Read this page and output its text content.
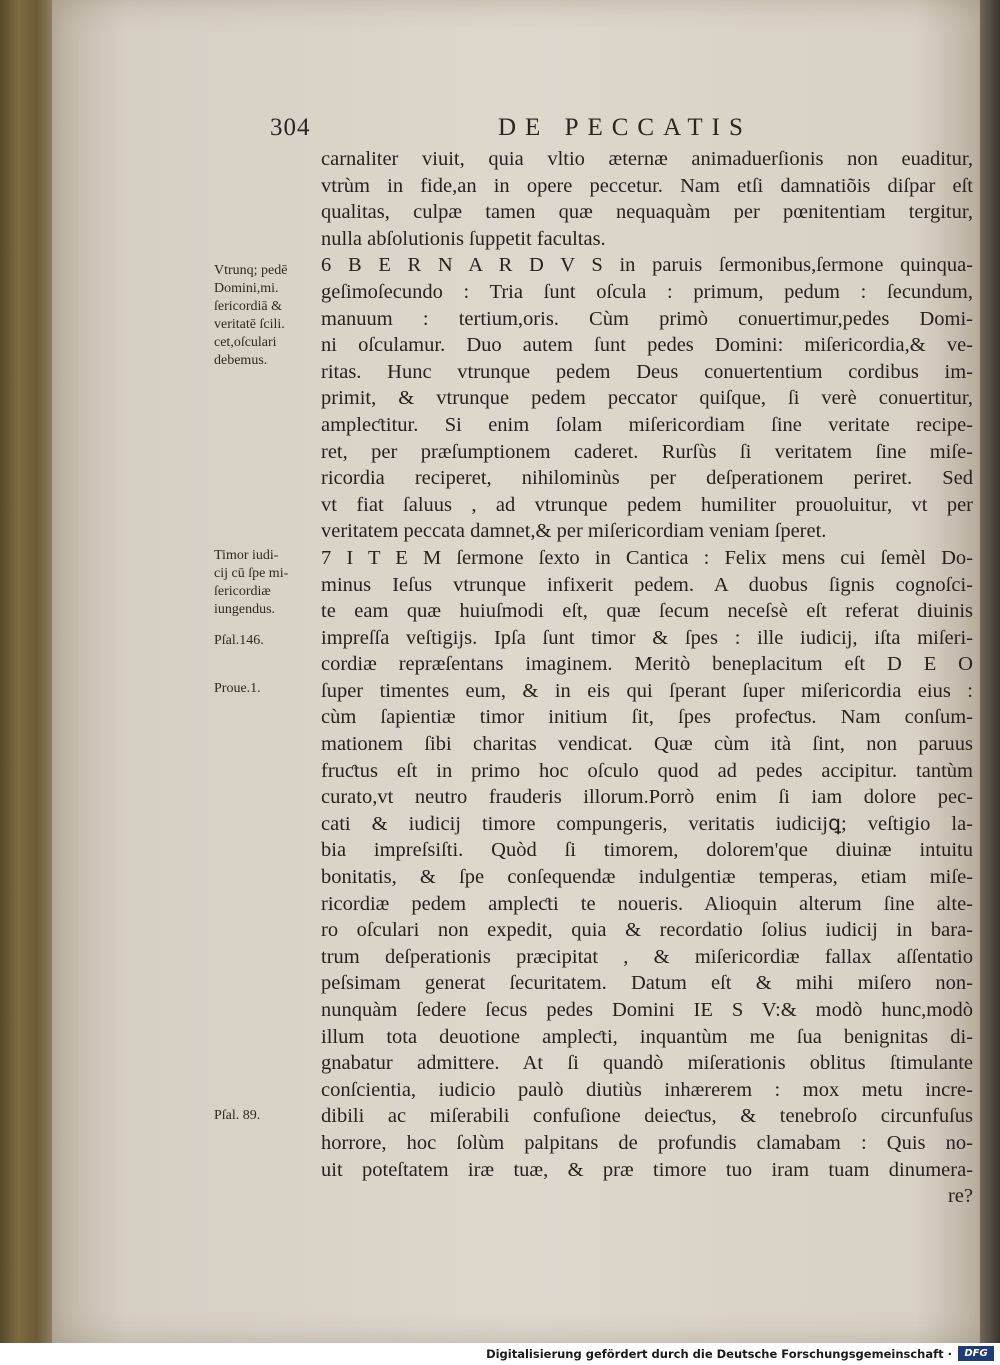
304	DE PECCATIS
carnaliter viuit, quia vltio æternæ animaduerſionis non euaditur,
vtrùm in fide,an in opere peccetur. Nam etſi damnatiõis diſpar eſt
qualitas, culpæ tamen quæ nequaquàm per pœnitentiam tergitur,
nulla abſolutionis ſuppetit facultas.
6 B E R N A R D V S in paruis ſermonibus,ſermone quinqua-
geſimoſecundo : Tria ſunt oſcula : primum, pedum : ſecundum,
manuum : tertium,oris. Cùm primò conuertimur,pedes Domi-
ni oſculamur. Duo autem ſunt pedes Domini: miſericordia,& ve-
ritas. Hunc vtrunque pedem Deus conuertentium cordibus im-
primit, & vtrunque pedem peccator quiſque, ſi verè conuertitur,
ampleƈtitur. Si enim ſolam miſericordiam ſine veritate recipe-
ret, per præſumptionem caderet. Rurſùs ſi veritatem ſine miſe-
ricordia reciperet, nihilominùs per deſperationem periret. Sed
vt fiat ſaluus , ad vtrunque pedem humiliter prouoluitur, vt per
veritatem peccata damnet,& per miſericordiam veniam ſperet.
7 I T E M ſermone ſexto in Cantica : Felix mens cui ſemèl Do-
minus Ieſus vtrunque infixerit pedem. A duobus ſignis cognoſci-
te eam quæ huiuſmodi eſt, quæ ſecum neceſsè eſt referat diuinis
impreſſa veſtigijs. Ipſa ſunt timor & ſpes : ille iudicij, iſta miſeri-
cordiæ repræſentans imaginem. Meritò beneplacitum eſt D E O
ſuper timentes eum, & in eis qui ſperant ſuper miſericordia eius :
cùm ſapientiæ timor initium ſit, ſpes profeƈtus. Nam conſum-
mationem ſibi charitas vendicat. Quæ cùm ità ſint, non paruus
fruƈtus eſt in primo hoc oſculo quod ad pedes accipitur. tantùm
curato,vt neutro frauderis illorum.Porrò enim ſi iam dolore pec-
cati & iudicij timore compungeris, veritatis iudicijꝗ; veſtigio la-
bia impreſsiſti. Quòd ſi timorem, dolorem'que diuinæ intuitu
bonitatis, & ſpe conſequendæ indulgentiæ temperas, etiam miſe-
ricordiæ pedem ampleƈti te noueris. Alioquin alterum ſine alte-
ro oſculari non expedit, quia & recordatio ſolius iudicij in bara-
trum deſperationis præcipitat , & miſericordiæ fallax aſſentatio
peſsimam generat ſecuritatem. Datum eſt & mihi miſero non-
nunquàm ſedere ſecus pedes Domini IE S V:& modò hunc,modò
illum tota deuotione ampleƈti, inquantùm me ſua benignitas di-
gnabatur admittere. At ſi quandò miſerationis oblitus ſtimulante
conſcientia, iudicio paulò diutiùs inhærerem : mox metu incre-
dibili ac miſerabili confuſione deieƈtus, & tenebroſo circunfuſus
horrore, hoc ſolùm palpitans de profundis clamabam : Quis no-
uit poteſtatem iræ tuæ, & præ timore tuo iram tuam dinumera-
re?
Vtrunq; pedē
Domini,mi.
ſericordiā &
veritatē ſcili.
cet,oſculari
debemus.
Timor iudi-
cij cū ſpe mi-
ſericordiæ
iungendus.
Pſal.146.
Proue.1.
Pſal. 89.
Digitalisierung gefördert durch die Deutsche Forschungsgemeinschaft ·	DFG
